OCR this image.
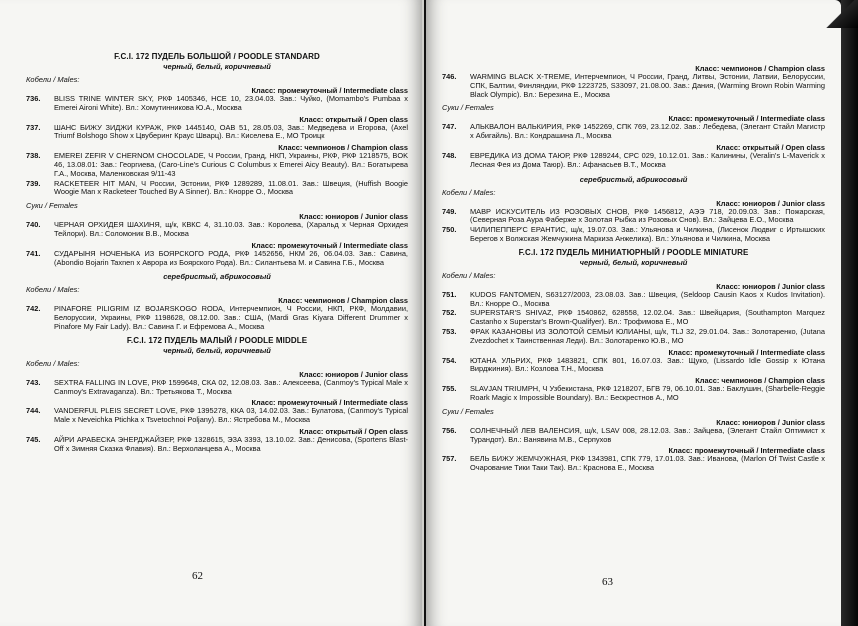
F.C.I. 172 ПУДЕЛЬ БОЛЬШОЙ / POODLE STANDARD
черный, белый, коричневый
Кобели / Males:
Класс: промежуточный / Intermediate class
736.	BLISS TRINE WINTER SKY, РКФ 1405346, HCE 10, 23.04.03. Зав.: Чуйко, (Momambo's Pumbaa x Emerei Aironi White). Вл.: Хомутинникова Ю.А., Москва
Класс: открытый / Open class
737.	ШАНС БИЖУ ЗИДЖИ КУРАЖ, РКФ 1445140, OAB 51, 28.05.03, Зав.: Медведева и Егорова, (Axel Triumf Bolshogo Show x Цвуберинг Краус Шварц). Вл.: Киселева Е., МО Троицк
Класс: чемпионов / Champion class
738.	EMEREI ZEFIR V CHERNOM CHOCOLADE, Ч России, Гранд, НКП, Украины, РКФ, РКФ 1218575, BOK 46, 13.08.01: Зав.: Георгиева, (Caro-Line's Curious C Columbus x Emerei Aicy Beauty). Вл.: Богатырева Г.А., Москва, Маленковская 9/11-43
739.	RACKETEER HIT MAN, Ч России, Эстонии, РКФ 1289289, 11.08.01. Зав.: Швеция, (Huffish Boogie Woogie Man x Racketeer Touched By A Sinner). Вл.: Кнорре О., Москва
Суки / Females
Класс: юниоров / Junior class
740.	ЧЕРНАЯ ОРХИДЕЯ ШАХИНЯ, щ/к, КВКС 4, 31.10.03. Зав.: Королева, (Харальд x Черная Орхидея Тейлори). Вл.: Соломоник В.В., Москва
Класс: промежуточный / Intermediate class
741.	СУДАРЫНЯ НОЧЕНЬКА ИЗ БОЯРСКОГО РОДА, РКФ 1452656, НКМ 26, 06.04.03. Зав.: Савина, (Abondio Bojarin Taxnen x Аврора из Боярского Рода). Вл.: Силантьева М. и Савина Г.Б., Москва
серебристый, абрикосовый
Кобели / Males:
Класс: чемпионов / Champion class
742.	PINAFORE PILIGRIM IZ BOJARSKOGO RODA, Интерчемпион, Ч России, НКП, РКФ, Молдавии, Белоруссии, Украины, РКФ 1198628, 08.12.00. Зав.: США, (Mardi Gras Kiyara Different Drummer x Pinafore My Fair Lady). Вл.: Савина Г. и Ефремова А., Москва
F.C.I. 172 ПУДЕЛЬ МАЛЫЙ / POODLE MIDDLE
черный, белый, коричневый
Кобели / Males:
Класс: юниоров / Junior class
743.	SEXTRA FALLING IN LOVE, РКФ 1599648, СКА 02, 12.08.03. Зав.: Алексеева, (Canmoy's Typical Male x Canmoy's Extravaganza). Вл.: Третьякова Т., Москва
Класс: промежуточный / Intermediate class
744.	VANDERFUL PLEIS SECRET LOVE, РКФ 1395278, ККА 03, 14.02.03. Зав.: Булатова, (Canmoy's Typical Male x Neveichka Ptichka x Tsvetochnoi Poljany). Вл.: Ястребова М., Москва
Класс: открытый / Open class
745.	АЙРИ АРАБЕСКА ЭНЕРДЖАЙЗЕР, РКФ 1328615, ЭЗА 3393, 13.10.02. Зав.: Денисова, (Sportens Blast-Off x Зимняя Сказка Флавия). Вл.: Верхоланцева А., Москва
62
Класс: чемпионов / Champion class
746.	WARMING BLACK X-TREME, Интерчемпион, Ч России, Гранд, Литвы, Эстонии, Латвии, Белоруссии, СПК, Балтии, Финляндии, РКФ 1223725, S33097, 21.08.00. Зав.: Дания, (Warming Brown Robin Warming Black Olympic). Вл.: Березина Е., Москва
Суки / Females
Класс: промежуточный / Intermediate class
747.	АЛЬКВАЛОН ВАЛЬКИРИЯ, РКФ 1452269, СПК 769, 23.12.02. Зав.: Лебедева, (Элегант Стайл Магистр x Абигайль). Вл.: Кондрашина Л., Москва
Класс: открытый / Open class
748.	ЕВРЕДИКА ИЗ ДОМА ТАЮР, РКФ 1289244, СРС 029, 10.12.01. Зав.: Калинины, (Veralin's L-Maverick x Лесная Фея из Дома Таюр). Вл.: Афанасьев В.Т., Москва
серебристый, абрикосовый
Кобели / Males:
Класс: юниоров / Junior class
749.	МАВР ИСКУСИТЕЛЬ ИЗ РОЗОВЫХ СНОВ, РКФ 1456812, АЭЭ 718, 20.09.03. Зав.: Пожарская, (Северная Роза Аура Фаберже x Золотая Рыбка из Розовых Снов). Вл.: Зайцева Е.О., Москва
750.	ЧИЛИПЕППЕР'С ЕРАНТИС, щ/к, 19.07.03. Зав.: Ульянова и Чилкина, (Лисенок Людвиг с Иртышских Берегов x Волжская Жемчужина Маркиза Анжелика). Вл.: Ульянова и Чилкина, Москва
F.C.I. 172 ПУДЕЛЬ МИНИАТЮРНЫЙ / POODLE MINIATURE
черный, белый, коричневый
Кобели / Males:
Класс: юниоров / Junior class
751.	KUDOS FANTOMEN, S63127/2003, 23.08.03. Зав.: Швеция, (Seldoop Causin Kaos x Kudos Invitation). Вл.: Кнорре О., Москва
752.	SUPERSTAR'S SHIVAZ, РКФ 1540862, 628558, 12.02.04. Зав.: Швейцария, (Southampton Marquez Castanho x Superstar's Brown-Qualifyer). Вл.: Трофимова Е., МО
753.	ФРАК КАЗАНОВЫ ИЗ ЗОЛОТОЙ СЕМЬИ ЮЛИАНЫ, щ/к, TLJ 32, 29.01.04. Зав.: Золотаренко, (Jutana Zvezdochet x Таинственная Леди). Вл.: Золотаренко Ю.В., МО
Класс: промежуточный / Intermediate class
754.	ЮТАНА УЛЬРИХ, РКФ 1483821, СПК 801, 16.07.03. Зав.: Щуко, (Lissardo Idle Gossip x Ютана Вирджиния). Вл.: Козлова Т.Н., Москва
Класс: чемпионов / Champion class
755.	SLAVJAN TRIUMPH, Ч Узбекистана, РКФ 1218207, БГВ 79, 06.10.01. Зав.: Баклушин, (Sharbelle-Reggie Roark Magic x Impossible Boundary). Вл.: Бескрестнов А., МО
Суки / Females
Класс: юниоров / Junior class
756.	СОЛНЕЧНЫЙ ЛЕВ ВАЛЕНСИЯ, щ/к, LSAV 008, 28.12.03. Зав.: Зайцева, (Элегант Стайл Оптимист x Турандот). Вл.: Ванявина М.В., Серпухов
Класс: промежуточный / Intermediate class
757.	БЕЛЬ БИЖУ ЖЕМЧУЖНАЯ, РКФ 1343981, СПК 779, 17.01.03. Зав.: Иванова, (Marlon Of Twist Castle x Очарование Тики Таки Так). Вл.: Краснова Е., Москва
63
